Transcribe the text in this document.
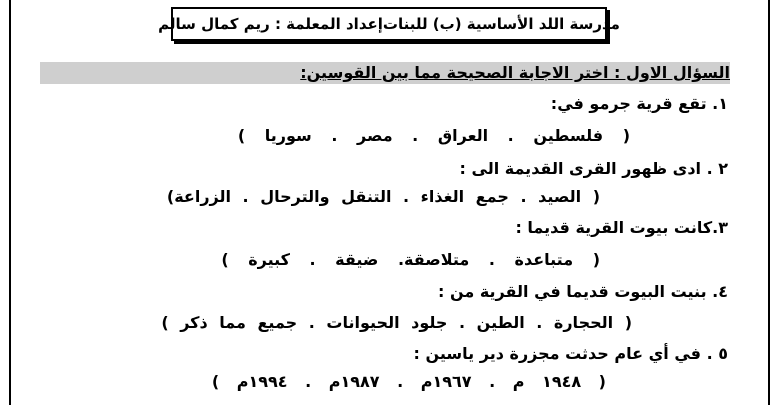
مدرسة اللد الأساسية (ب) للبنات
إعداد المعلمة : ريم كمال سالم
السؤال الاول : اختر الاجابة الصحيحة مما بين القوسين:
١. تقع قرية جرمو في:
( فلسطين . العراق . مصر . سوريا )
٢ . ادى ظهور القرى القديمة الى :
( الصيد . جمع الغذاء . التنقل والترحال . الزراعة)
٣.كانت بيوت القرية قديما :
( متباعدة . متلاصقة. ضيقة . كبيرة )
٤. بنيت البيوت قديما في القرية من :
( الحجارة . الطين . جلود الحيوانات . جميع مما ذكر )
٥ . في أي عام حدثت مجزرة دير ياسين :
( ١٩٤٨ م . ١٩٦٧م . ١٩٨٧م . ١٩٩٤م )
